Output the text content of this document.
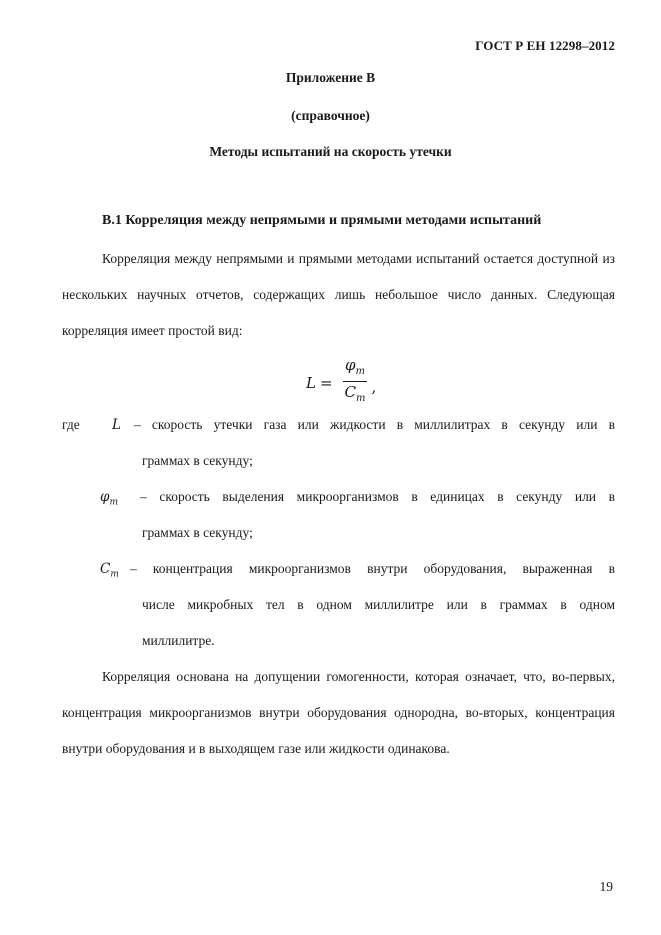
ГОСТ Р ЕН 12298–2012
Приложение В
(справочное)
Методы испытаний на скорость утечки
В.1 Корреляция между непрямыми и прямыми методами испытаний
Корреляция между непрямыми и прямыми методами испытаний остается доступной из нескольких научных отчетов, содержащих лишь небольшое число данных. Следующая корреляция имеет простой вид:
$L = \frac{\varphi_m}{C_m}$ ,
где L – скорость утечки газа или жидкости в миллилитрах в секунду или в
граммах в секунду;
$\varphi_m$	– скорость выделения микроорганизмов в единицах в секунду или в
граммах в секунду;
$C_m$ – концентрация микроорганизмов внутри оборудования, выраженная в
числе микробных тел в одном миллилитре или в граммах в одном
миллилитре.
Корреляция основана на допущении гомогенности, которая означает, что, во-первых, концентрация микроорганизмов внутри оборудования однородна, во-вторых, концентрация внутри оборудования и в выходящем газе или жидкости одинакова.
19
